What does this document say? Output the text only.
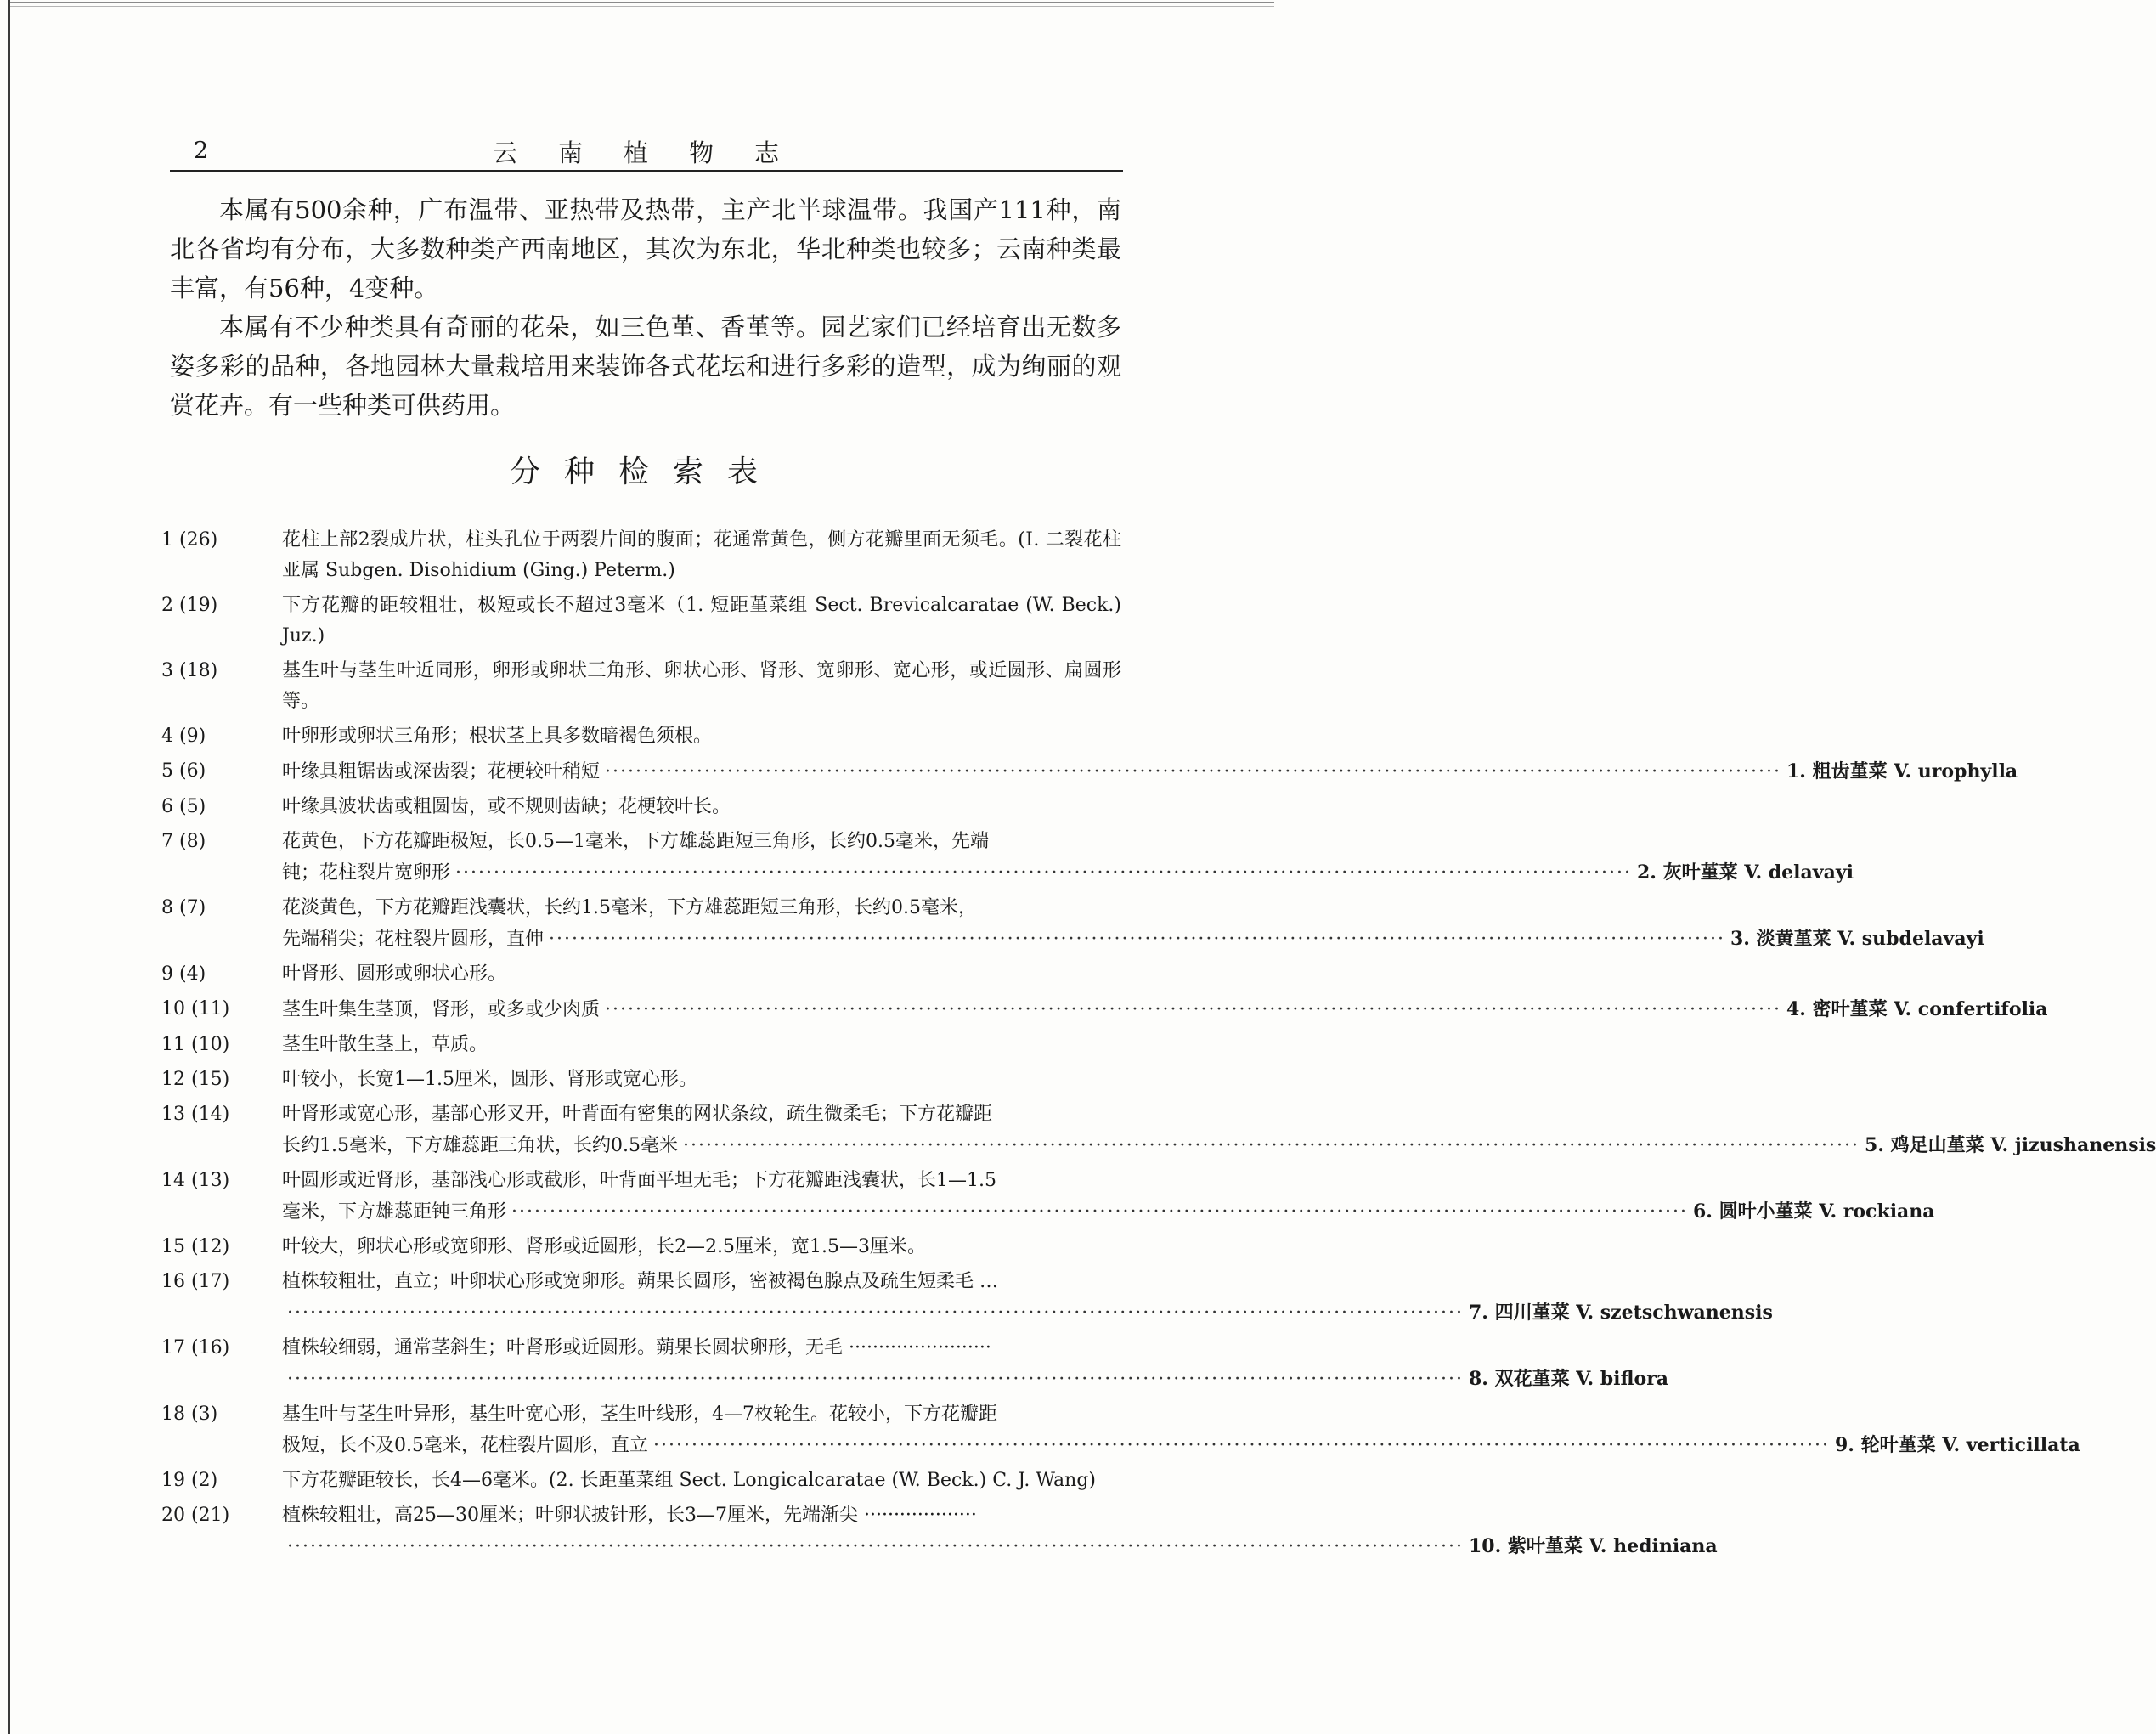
2	云南植物志

本属有500余种，广布温带、亚热带及热带，主产北半球温带。我国产111种，南北各省均有分布，大多数种类产西南地区，其次为东北，华北种类也较多；云南种类最丰富，有56种，4变种。

本属有不少种类具有奇丽的花朵，如三色堇、香堇等。园艺家们已经培育出无数多姿多彩的品种，各地园林大量栽培用来装饰各式花坛和进行多彩的造型，成为绚丽的观赏花卉。有一些种类可供药用。

分种检索表
1 (26)	花柱上部2裂成片状，柱头孔位于两裂片间的腹面；花通常黄色，侧方花瓣里面无须毛。(Ⅰ. 二裂花柱亚属 Subgen. Disohidium (Ging.) Peterm.)
2 (19)	下方花瓣的距较粗壮，极短或长不超过3毫米（1. 短距堇菜组 Sect. Brevicalcaratae (W. Beck.) Juz.)
3 (18)	基生叶与茎生叶近同形，卵形或卵状三角形、卵状心形、肾形、宽卵形、宽心形，或近圆形、扁圆形等。
4 (9)	叶卵形或卵状三角形；根状茎上具多数暗褐色须根。
5 (6)	叶缘具粗锯齿或深齿裂；花梗较叶稍短 ·····	1. 粗齿堇菜 V. urophylla
6 (5)	叶缘具波状齿或粗圆齿，或不规则齿缺；花梗较叶长。
7 (8)	花黄色，下方花瓣距极短，长0.5—1毫米，下方雄蕊距短三角形，长约0.5毫米，先端
钝；花柱裂片宽卵形 ·····	2. 灰叶堇菜 V. delavayi
8 (7)	花淡黄色，下方花瓣距浅囊状，长约1.5毫米，下方雄蕊距短三角形，长约0.5毫米，
先端稍尖；花柱裂片圆形，直伸 ·····	3. 淡黄堇菜 V. subdelavayi
9 (4)	叶肾形、圆形或卵状心形。
10 (11)	茎生叶集生茎顶，肾形，或多或少肉质 ·····	4. 密叶堇菜 V. confertifolia
11 (10)	茎生叶散生茎上，草质。
12 (15)	叶较小，长宽1—1.5厘米，圆形、肾形或宽心形。
13 (14)	叶肾形或宽心形，基部心形叉开，叶背面有密集的网状条纹，疏生微柔毛；下方花瓣距
长约1.5毫米，下方雄蕊距三角状，长约0.5毫米 ·····	5. 鸡足山堇菜 V. jizushanensis
14 (13)	叶圆形或近肾形，基部浅心形或截形，叶背面平坦无毛；下方花瓣距浅囊状，长1—1.5
毫米，下方雄蕊距钝三角形 ·····	6. 圆叶小堇菜 V. rockiana
15 (12)	叶较大，卵状心形或宽卵形、肾形或近圆形，长2—2.5厘米，宽1.5—3厘米。
16 (17)	植株较粗壮，直立；叶卵状心形或宽卵形。蒴果长圆形，密被褐色腺点及疏生短柔毛 …
·····
7. 四川堇菜 V. szetschwanensis
17 (16)	植株较细弱，通常茎斜生；叶肾形或近圆形。蒴果长圆状卵形，无毛 ························
·····
8. 双花堇菜 V. biflora
18 (3)	基生叶与茎生叶异形，基生叶宽心形，茎生叶线形，4—7枚轮生。花较小，下方花瓣距
极短，长不及0.5毫米，花柱裂片圆形，直立 ·····	9. 轮叶堇菜 V. verticillata
19 (2)	下方花瓣距较长，长4—6毫米。(2. 长距堇菜组 Sect. Longicalcaratae (W. Beck.) C. J. Wang)
20 (21)	植株较粗壮，高25—30厘米；叶卵状披针形，长3—7厘米，先端渐尖 ···················
·····
10. 紫叶堇菜 V. hediniana
